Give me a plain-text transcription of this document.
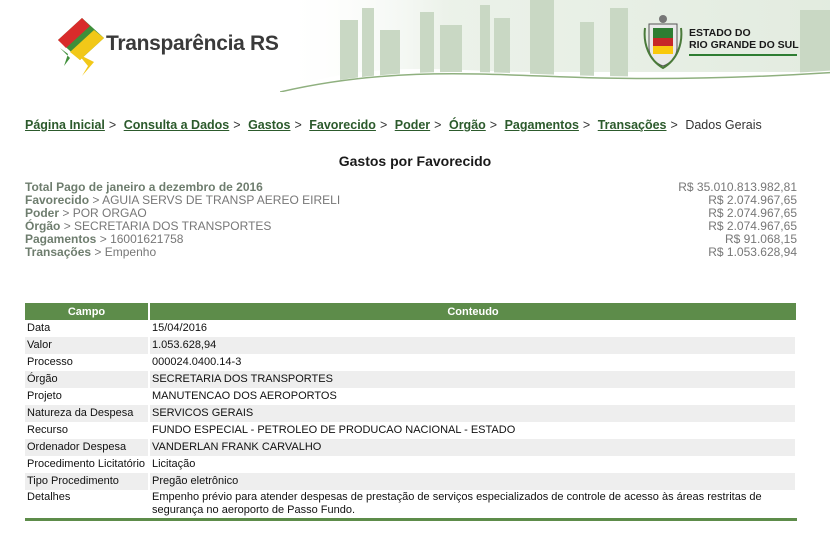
Transparência RS	ESTADO DO
RIO GRANDE DO SUL
Página Inicial > Consulta a Dados > Gastos > Favorecido > Poder > Órgão > Pagamentos > Transações > Dados Gerais
Gastos por Favorecido
Total Pago de janeiro a dezembro de 2016	R$ 35.010.813.982,81
Favorecido > AGUIA SERVS DE TRANSP AEREO EIRELI	R$ 2.074.967,65
Poder > POR ORGAO	R$ 2.074.967,65
Órgão > SECRETARIA DOS TRANSPORTES	R$ 2.074.967,65
Pagamentos > 16001621758	R$ 91.068,15
Transações > Empenho	R$ 1.053.628,94
Campo	Conteudo
Data	15/04/2016
Valor	1.053.628,94
Processo	000024.0400.14-3
Órgão	SECRETARIA DOS TRANSPORTES
Projeto	MANUTENCAO DOS AEROPORTOS
Natureza da Despesa	SERVICOS GERAIS
Recurso	FUNDO ESPECIAL - PETROLEO DE PRODUCAO NACIONAL - ESTADO
Ordenador Despesa	VANDERLAN FRANK CARVALHO
Procedimento Licitatório	Licitação
Tipo Procedimento	Pregão eletrônico
Detalhes	Empenho prévio para atender despesas de prestação de serviços especializados de controle de acesso às áreas restritas de segurança no aeroporto de Passo Fundo.
